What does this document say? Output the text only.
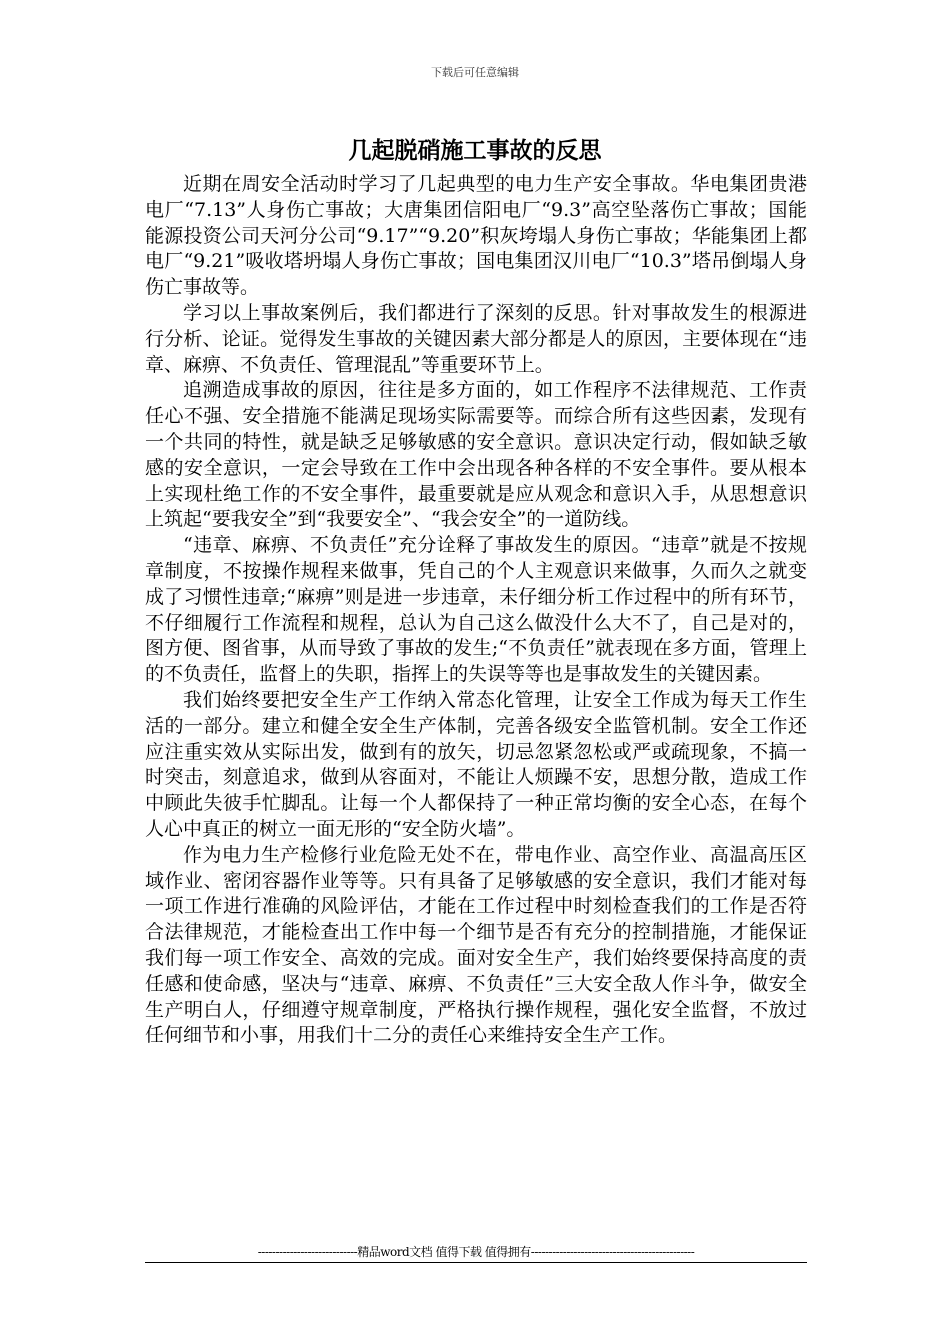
下载后可任意编辑
几起脱硝施工事故的反思

近期在周安全活动时学习了几起典型的电力生产安全事故。华电集团贵港电厂“7.13”人身伤亡事故；大唐集团信阳电厂“9.3”高空坠落伤亡事故；国能能源投资公司天河分公司“9.17”“9.20”积灰垮塌人身伤亡事故；华能集团上都电厂“9.21”吸收塔坍塌人身伤亡事故；国电集团汉川电厂“10.3”塔吊倒塌人身伤亡事故等。

学习以上事故案例后，我们都进行了深刻的反思。针对事故发生的根源进行分析、论证。觉得发生事故的关键因素大部分都是人的原因，主要体现在“违章、麻痹、不负责任、管理混乱”等重要环节上。

追溯造成事故的原因，往往是多方面的，如工作程序不法律规范、工作责任心不强、安全措施不能满足现场实际需要等。而综合所有这些因素，发现有一个共同的特性，就是缺乏足够敏感的安全意识。意识决定行动，假如缺乏敏感的安全意识，一定会导致在工作中会出现各种各样的不安全事件。要从根本上实现杜绝工作的不安全事件，最重要就是应从观念和意识入手，从思想意识上筑起“要我安全”到“我要安全”、“我会安全”的一道防线。

“违章、麻痹、不负责任”充分诠释了事故发生的原因。“违章”就是不按规章制度，不按操作规程来做事，凭自己的个人主观意识来做事，久而久之就变成了习惯性违章;“麻痹”则是进一步违章，未仔细分析工作过程中的所有环节，不仔细履行工作流程和规程，总认为自己这么做没什么大不了，自己是对的，图方便、图省事，从而导致了事故的发生;“不负责任”就表现在多方面，管理上的不负责任，监督上的失职，指挥上的失误等等也是事故发生的关键因素。

我们始终要把安全生产工作纳入常态化管理，让安全工作成为每天工作生活的一部分。建立和健全安全生产体制，完善各级安全监管机制。安全工作还应注重实效从实际出发，做到有的放矢，切忌忽紧忽松或严或疏现象，不搞一时突击，刻意追求，做到从容面对，不能让人烦躁不安，思想分散，造成工作中顾此失彼手忙脚乱。让每一个人都保持了一种正常均衡的安全心态，在每个人心中真正的树立一面无形的“安全防火墙”。

作为电力生产检修行业危险无处不在，带电作业、高空作业、高温高压区域作业、密闭容器作业等等。只有具备了足够敏感的安全意识，我们才能对每一项工作进行准确的风险评估，才能在工作过程中时刻检查我们的工作是否符合法律规范，才能检查出工作中每一个细节是否有充分的控制措施，才能保证我们每一项工作安全、高效的完成。面对安全生产，我们始终要保持高度的责任感和使命感，坚决与“违章、麻痹、不负责任”三大安全敌人作斗争，做安全生产明白人，仔细遵守规章制度，严格执行操作规程，强化安全监督，不放过任何细节和小事，用我们十二分的责任心来维持安全生产工作。

----------------------------精品word文档 值得下载 值得拥有----------------------------------------------
